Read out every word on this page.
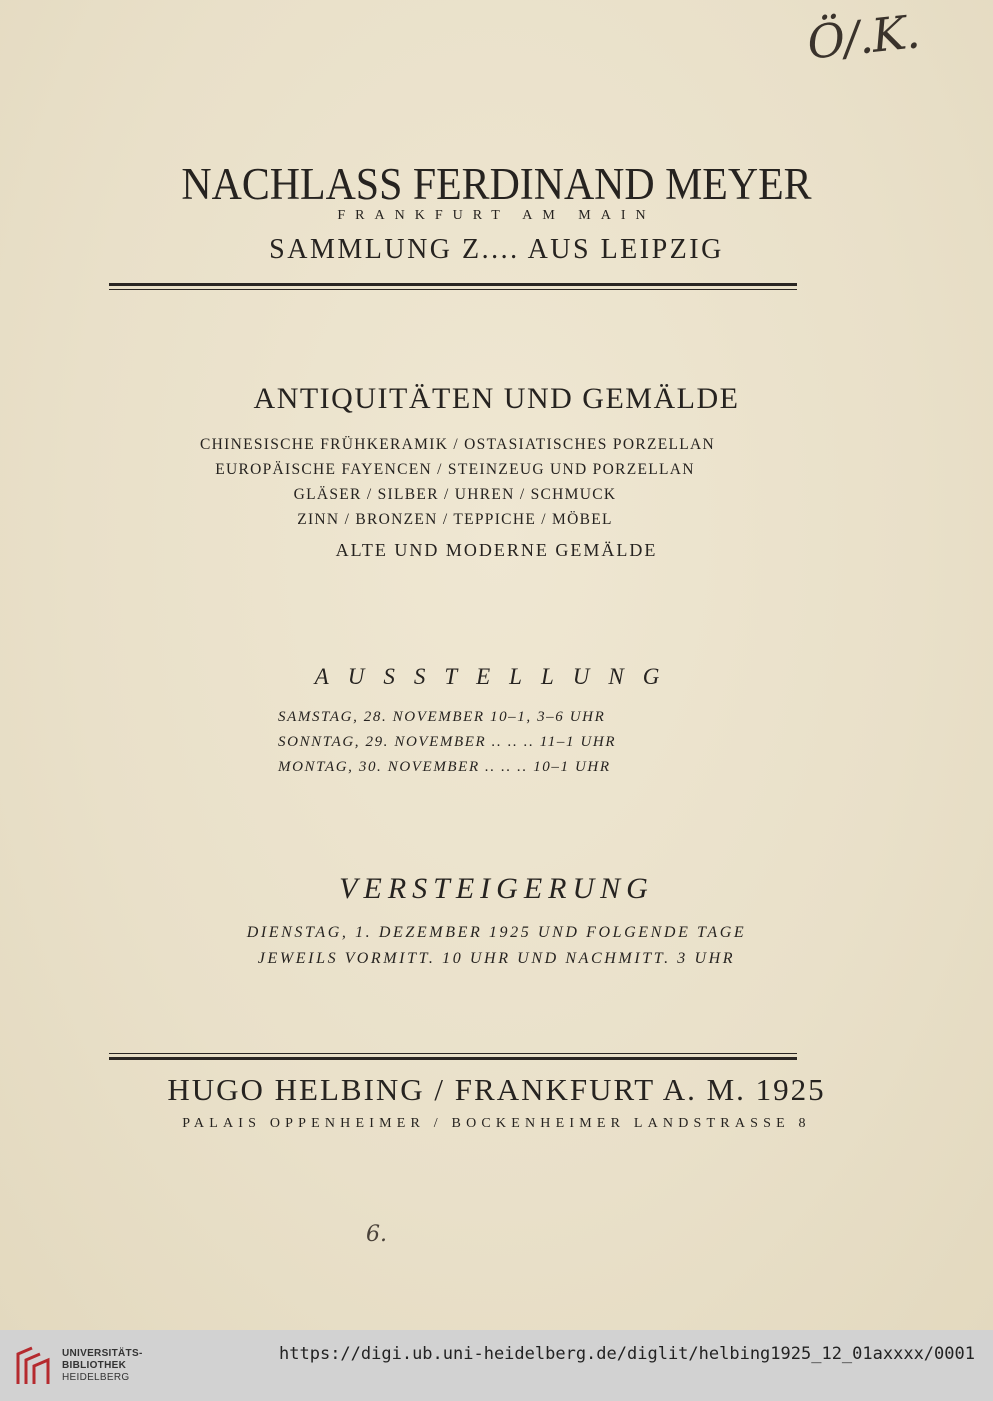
Ö/.K.
NACHLASS FERDINAND MEYER
FRANKFURT AM MAIN
SAMMLUNG Z.... AUS LEIPZIG
ANTIQUITÄTEN UND GEMÄLDE
CHINESISCHE FRÜHKERAMIK / OSTASIATISCHES PORZELLAN
EUROPÄISCHE FAYENCEN / STEINZEUG UND PORZELLAN
GLÄSER / SILBER / UHREN / SCHMUCK
ZINN / BRONZEN / TEPPICHE / MÖBEL
ALTE UND MODERNE GEMÄLDE
AUSSTELLUNG
SAMSTAG, 28. NOVEMBER 10–1, 3–6 UHR
SONNTAG, 29. NOVEMBER .. .. .. 11–1 UHR
MONTAG, 30. NOVEMBER .. .. .. 10–1 UHR
VERSTEIGERUNG
DIENSTAG, 1. DEZEMBER 1925 UND FOLGENDE TAGE
JEWEILS VORMITT. 10 UHR UND NACHMITT. 3 UHR
HUGO HELBING / FRANKFURT A. M. 1925
PALAIS OPPENHEIMER / BOCKENHEIMER LANDSTRASSE 8
6.
UNIVERSITÄTS-
BIBLIOTHEK
HEIDELBERG
https://digi.ub.uni-heidelberg.de/diglit/helbing1925_12_01axxxx/0001
